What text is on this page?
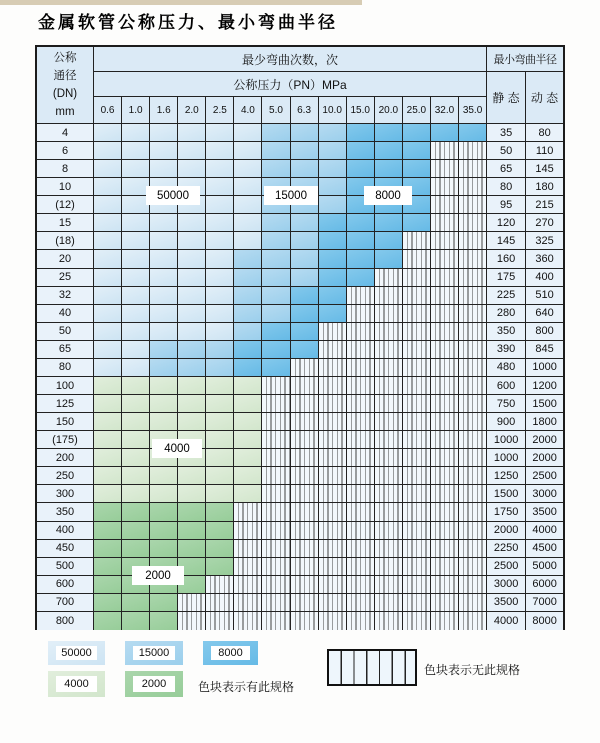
金属软管公称压力、最小弯曲半径
公称
通径
(DN)
mm
最少弯曲次数，次
公称压力（PN）MPa
0.6	1.0	1.6	2.0	2.5	4.0	5.0	6.3	10.0 15.0 20.0 25.0 32.0 35.0
最小弯曲半径
静 态 动 态
4	35	80
6	50	110
8	65	145
10	80	180
(12)	95	215
15	120	270
(18)	145	325
20	160	360
25	175	400
32	225	510
40	280	640
50	350	800
65	390	845
80	480	1000
100	600	1200
125	750	1500
150	900	1800
(175)	1000	2000
200	1000	2000
250	1250	2500
300	1500	3000
350	1750	3500
400	2000	4000
450	2250	4500
500	2500	5000
600	3000	6000
700	3500	7000
800	4000	8000
50000	15000	8000
4000
2000
50000	15000	8000
4000	2000	色块表示有此规格
色块表示无此规格
